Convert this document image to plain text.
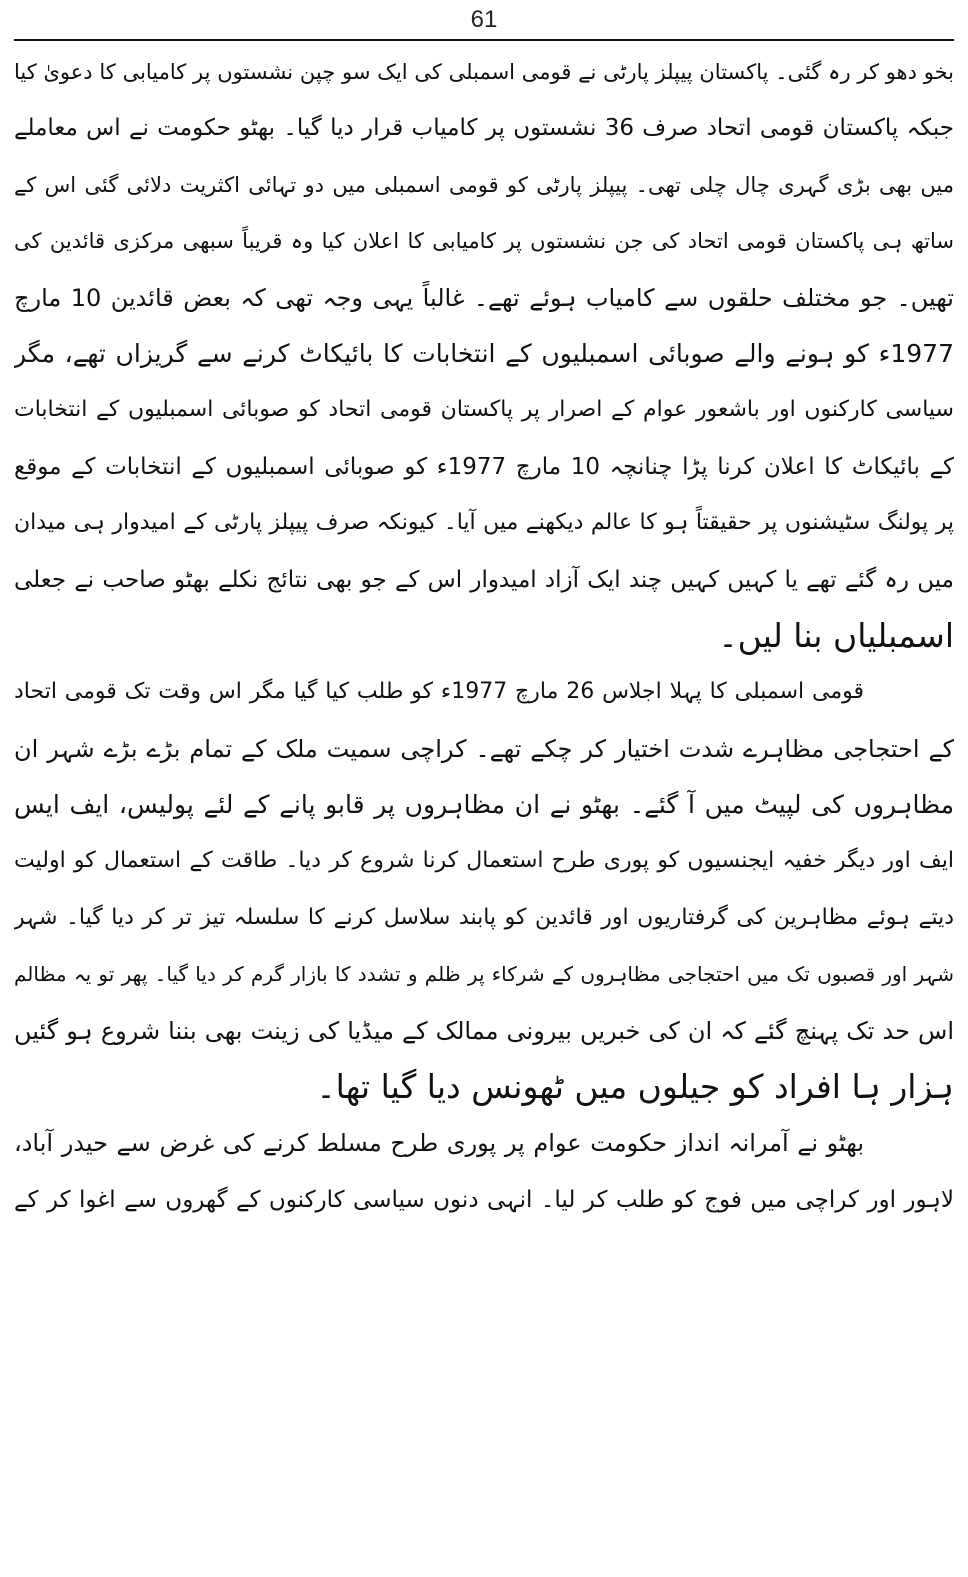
61
بخو دھو کر رہ گئی۔ پاکستان پیپلز پارٹی نے قومی اسمبلی کی ایک سو چپن نشستوں پر کامیابی کا دعویٰ کیا
جبکہ پاکستان قومی اتحاد صرف 36 نشستوں پر کامیاب قرار دیا گیا۔ بھٹو حکومت نے اس معاملے
میں بھی بڑی گہری چال چلی تھی۔ پیپلز پارٹی کو قومی اسمبلی میں دو تہائی اکثریت دلائی گئی اس کے
ساتھ ہی پاکستان قومی اتحاد کی جن نشستوں پر کامیابی کا اعلان کیا وہ قریباً سبھی مرکزی قائدین کی
تھیں۔ جو مختلف حلقوں سے کامیاب ہوئے تھے۔ غالباً یہی وجہ تھی کہ بعض قائدین 10 مارچ
1977ء کو ہونے والے صوبائی اسمبلیوں کے انتخابات کا بائیکاٹ کرنے سے گریزاں تھے، مگر
سیاسی کارکنوں اور باشعور عوام کے اصرار پر پاکستان قومی اتحاد کو صوبائی اسمبلیوں کے انتخابات
کے بائیکاٹ کا اعلان کرنا پڑا چنانچہ 10 مارچ 1977ء کو صوبائی اسمبلیوں کے انتخابات کے موقع
پر پولنگ سٹیشنوں پر حقیقتاً ہو کا عالم دیکھنے میں آیا۔ کیونکہ صرف پیپلز پارٹی کے امیدوار ہی میدان
میں رہ گئے تھے یا کہیں کہیں چند ایک آزاد امیدوار اس کے جو بھی نتائج نکلے بھٹو صاحب نے جعلی
اسمبلیاں بنا لیں۔
قومی اسمبلی کا پہلا اجلاس 26 مارچ 1977ء کو طلب کیا گیا مگر اس وقت تک قومی اتحاد
کے احتجاجی مظاہرے شدت اختیار کر چکے تھے۔ کراچی سمیت ملک کے تمام بڑے بڑے شہر ان
مظاہروں کی لپیٹ میں آ گئے۔ بھٹو نے ان مظاہروں پر قابو پانے کے لئے پولیس، ایف ایس
ایف اور دیگر خفیہ ایجنسیوں کو پوری طرح استعمال کرنا شروع کر دیا۔ طاقت کے استعمال کو اولیت
دیتے ہوئے مظاہرین کی گرفتاریوں اور قائدین کو پابند سلاسل کرنے کا سلسلہ تیز تر کر دیا گیا۔ شہر
شہر اور قصبوں تک میں احتجاجی مظاہروں کے شرکاء پر ظلم و تشدد کا بازار گرم کر دیا گیا۔ پھر تو یہ مظالم
اس حد تک پہنچ گئے کہ ان کی خبریں بیرونی ممالک کے میڈیا کی زینت بھی بننا شروع ہو گئیں
ہزار ہا افراد کو جیلوں میں ٹھونس دیا گیا تھا۔
بھٹو نے آمرانہ انداز حکومت عوام پر پوری طرح مسلط کرنے کی غرض سے حیدر آباد،
لاہور اور کراچی میں فوج کو طلب کر لیا۔ انہی دنوں سیاسی کارکنوں کے گھروں سے اغوا کر کے
